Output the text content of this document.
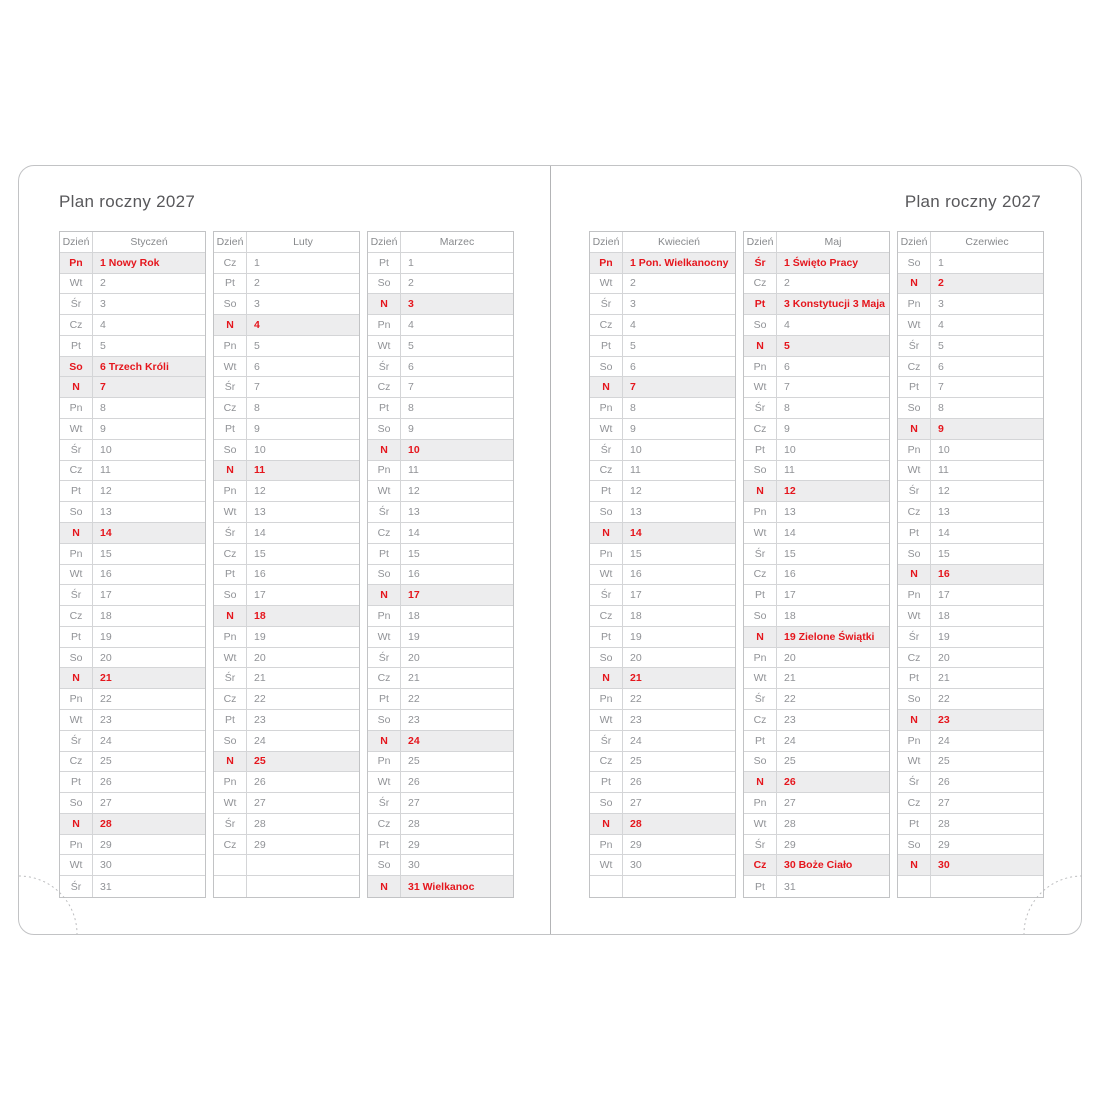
Plan roczny 2027
Dzień	Styczeń
Pn	1 Nowy Rok
Wt	2
Śr	3
Cz	4
Pt	5
So	6 Trzech Króli
N	7
Pn	8
Wt	9
Śr	10
Cz	11
Pt	12
So	13
N	14
Pn	15
Wt	16
Śr	17
Cz	18
Pt	19
So	20
N	21
Pn	22
Wt	23
Śr	24
Cz	25
Pt	26
So	27
N	28
Pn	29
Wt	30
Śr	31
Dzień	Luty
Cz	1
Pt	2
So	3
N	4
Pn	5
Wt	6
Śr	7
Cz	8
Pt	9
So	10
N	11
Pn	12
Wt	13
Śr	14
Cz	15
Pt	16
So	17
N	18
Pn	19
Wt	20
Śr	21
Cz	22
Pt	23
So	24
N	25
Pn	26
Wt	27
Śr	28
Cz	29
Dzień	Marzec
Pt	1
So	2
N	3
Pn	4
Wt	5
Śr	6
Cz	7
Pt	8
So	9
N	10
Pn	11
Wt	12
Śr	13
Cz	14
Pt	15
So	16
N	17
Pn	18
Wt	19
Śr	20
Cz	21
Pt	22
So	23
N	24
Pn	25
Wt	26
Śr	27
Cz	28
Pt	29
So	30
N	31 Wielkanoc
Plan roczny 2027
Dzień	Kwiecień
Pn	1 Pon. Wielkanocny
Wt	2
Śr	3
Cz	4
Pt	5
So	6
N	7
Pn	8
Wt	9
Śr	10
Cz	11
Pt	12
So	13
N	14
Pn	15
Wt	16
Śr	17
Cz	18
Pt	19
So	20
N	21
Pn	22
Wt	23
Śr	24
Cz	25
Pt	26
So	27
N	28
Pn	29
Wt	30
Dzień	Maj
Śr	1 Święto Pracy
Cz	2
Pt	3 Konstytucji 3 Maja
So	4
N	5
Pn	6
Wt	7
Śr	8
Cz	9
Pt	10
So	11
N	12
Pn	13
Wt	14
Śr	15
Cz	16
Pt	17
So	18
N	19 Zielone Świątki
Pn	20
Wt	21
Śr	22
Cz	23
Pt	24
So	25
N	26
Pn	27
Wt	28
Śr	29
Cz	30 Boże Ciało
Pt	31
Dzień	Czerwiec
So	1
N	2
Pn	3
Wt	4
Śr	5
Cz	6
Pt	7
So	8
N	9
Pn	10
Wt	11
Śr	12
Cz	13
Pt	14
So	15
N	16
Pn	17
Wt	18
Śr	19
Cz	20
Pt	21
So	22
N	23
Pn	24
Wt	25
Śr	26
Cz	27
Pt	28
So	29
N	30
